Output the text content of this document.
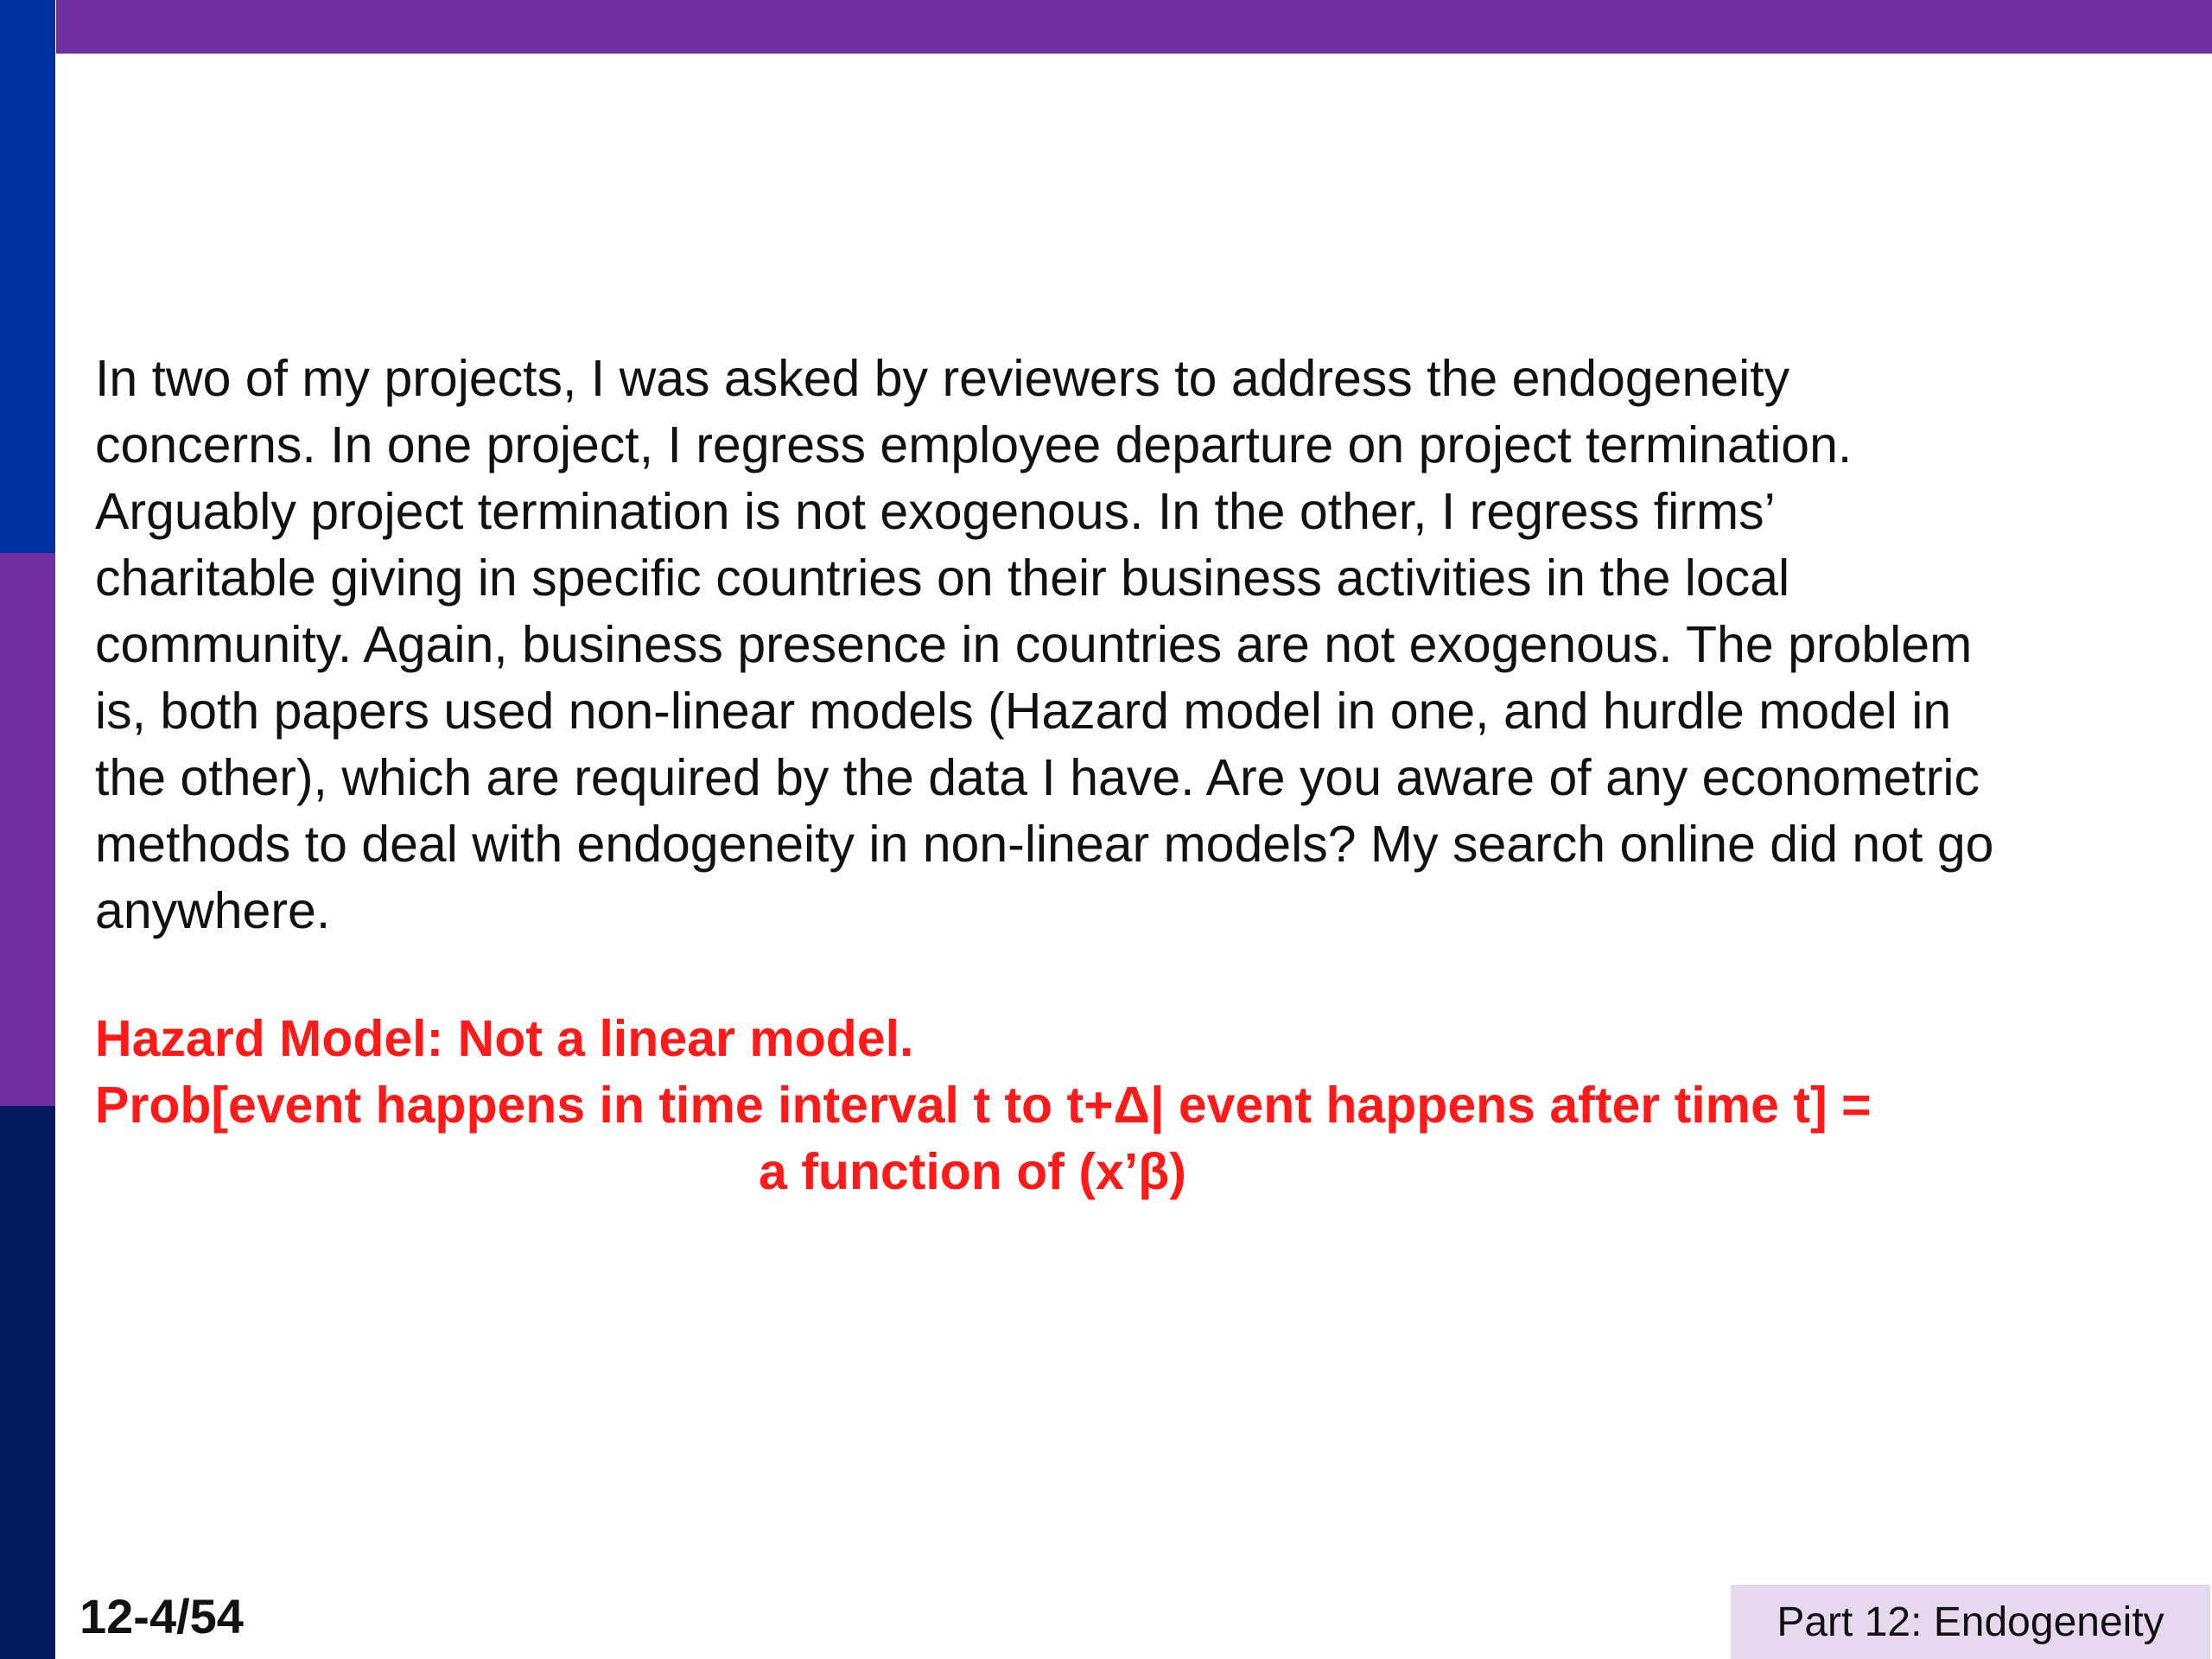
In two of my projects, I was asked by reviewers to address the endogeneity
concerns. In one project, I regress employee departure on project termination.
Arguably project termination is not exogenous. In the other, I regress firms’
charitable giving in specific countries on their business activities in the local
community. Again, business presence in countries are not exogenous. The problem
is, both papers used non-linear models (Hazard model in one, and hurdle model in
the other), which are required by the data I have. Are you aware of any econometric
methods to deal with endogeneity in non-linear models? My search online did not go
anywhere.

Hazard Model: Not a linear model.
Prob[event happens in time interval t to t+Δ| event happens after time t] =
a function of (x’β)
12-4/54	Part 12: Endogeneity
